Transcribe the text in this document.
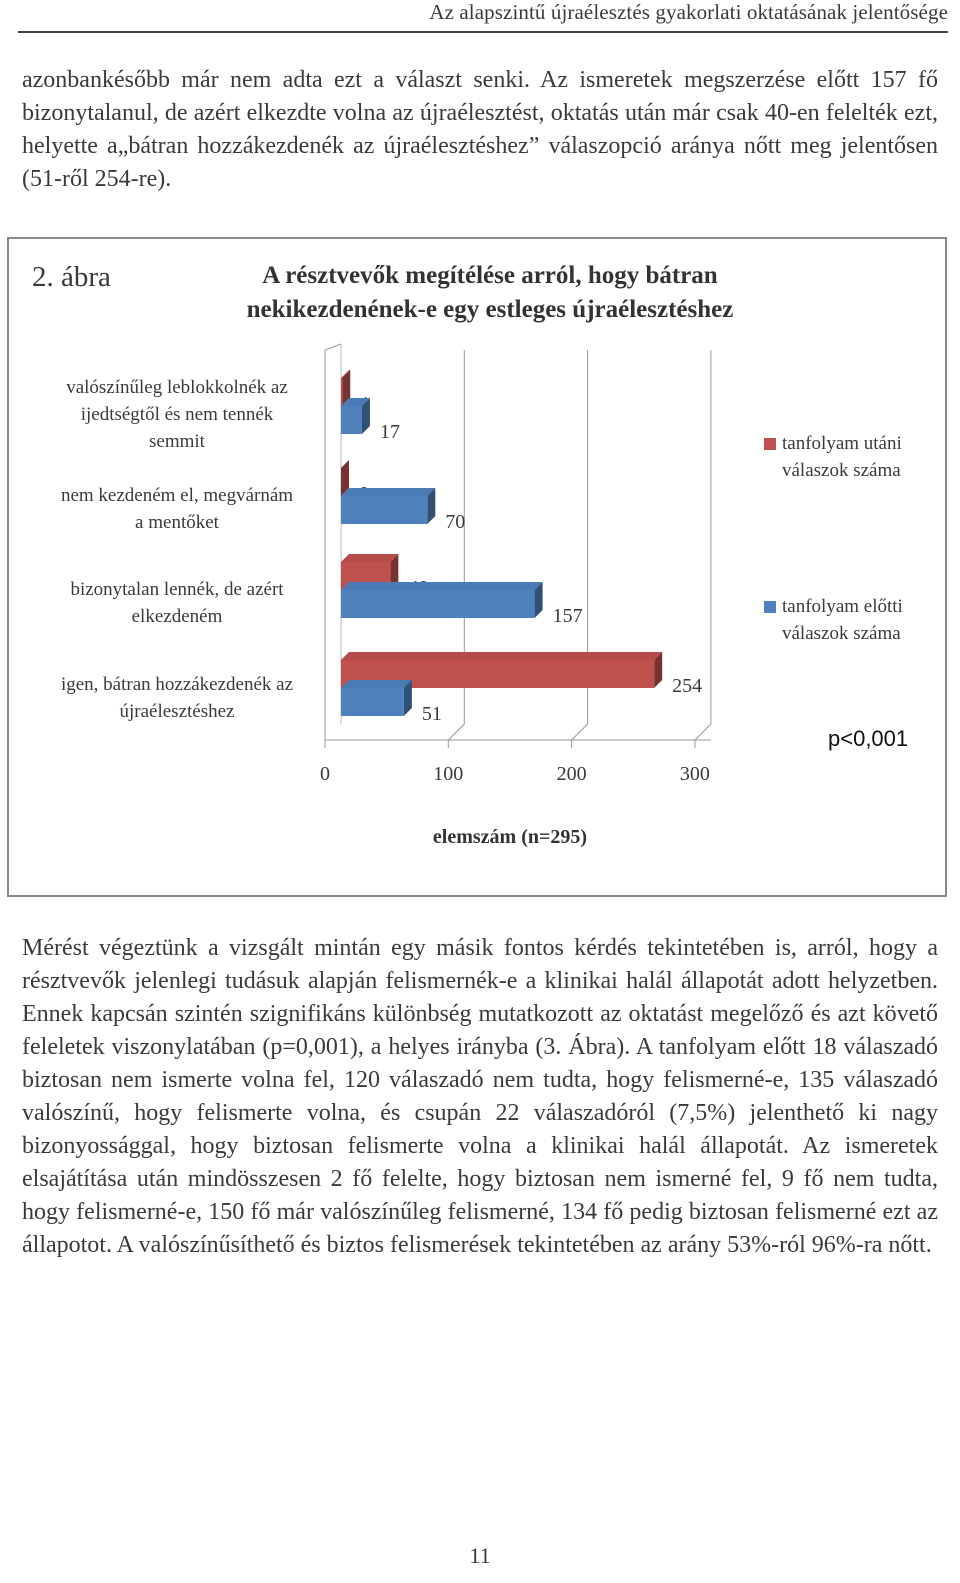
Az alapszintű újraélesztés gyakorlati oktatásának jelentősége

azonbankésőbb már nem adta ezt a választ senki. Az ismeretek megszerzése előtt 157 fő bizonytalanul, de azért elkezdte volna az újraélesztést, oktatás után már csak 40-en felelték ezt, helyette a„bátran hozzákezdenék az újraélesztéshez” válaszopció aránya nőtt meg jelentősen (51-ről 254-re).

2. ábra	A résztvevők megítélése arról, hogy bátran nekikezdenének-e egy estleges újraélesztéshez
0	100	200	300
17
70
157
254
51
valószínűleg leblokkolnék az
ijedtségtől és nem tennék
semmit
nem kezdeném el, megvárnám
a mentőket
bizonytalan lennék, de azért
elkezdeném
igen, bátran hozzákezdenék az
újraélesztéshez
tanfolyam utáni válaszok száma
tanfolyam előtti válaszok száma
p<0,001
elemszám (n=295)

Mérést végeztünk a vizsgált mintán egy másik fontos kérdés tekintetében is, arról, hogy a résztvevők jelenlegi tudásuk alapján felismernék-e a klinikai halál állapotát adott helyzetben. Ennek kapcsán szintén szignifikáns különbség mutatkozott az oktatást megelőző és azt követő feleletek viszonylatában (p=0,001), a helyes irányba (3. Ábra). A tanfolyam előtt 18 válaszadó biztosan nem ismerte volna fel, 120 válaszadó nem tudta, hogy felismerné-e, 135 válaszadó valószínű, hogy felismerte volna, és csupán 22 válaszadóról (7,5%) jelenthető ki nagy bizonyossággal, hogy biztosan felismerte volna a klinikai halál állapotát. Az ismeretek elsajátítása után mindösszesen 2 fő felelte, hogy biztosan nem ismerné fel, 9 fő nem tudta, hogy felismerné-e, 150 fő már valószínűleg felismerné, 134 fő pedig biztosan felismerné ezt az állapotot. A valószínűsíthető és biztos felismerések tekintetében az arány 53%-ról 96%-ra nőtt.

11
